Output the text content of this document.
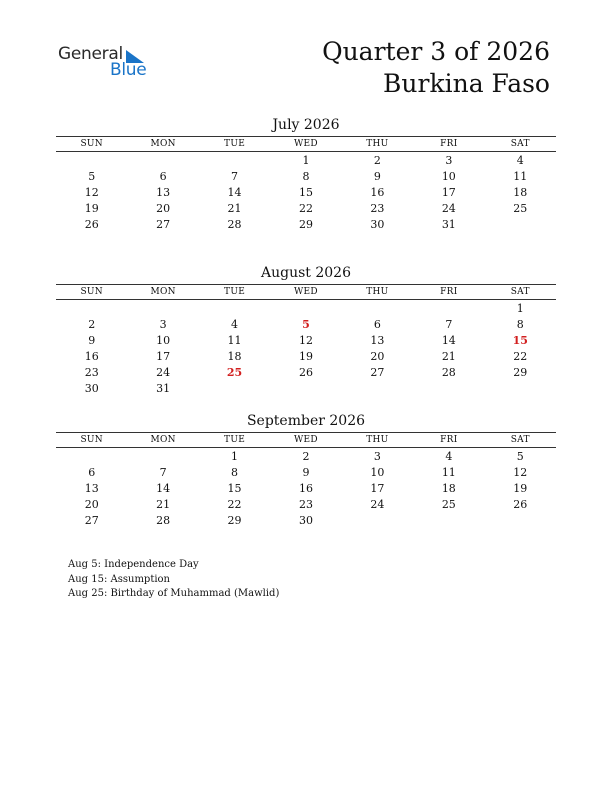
General
Blue
Quarter 3 of 2026
Burkina Faso
July 2026
SUN	MON	TUE	WED	THU	FRI	SAT
			1	2	3	4
5	6	7	8	9	10	11
12	13	14	15	16	17	18
19	20	21	22	23	24	25
26	27	28	29	30	31	
August 2026
SUN	MON	TUE	WED	THU	FRI	SAT
						1
2	3	4	5	6	7	8
9	10	11	12	13	14	15
16	17	18	19	20	21	22
23	24	25	26	27	28	29
30	31					
September 2026
SUN	MON	TUE	WED	THU	FRI	SAT
		1	2	3	4	5
6	7	8	9	10	11	12
13	14	15	16	17	18	19
20	21	22	23	24	25	26
27	28	29	30			
Aug 5: Independence Day
Aug 15: Assumption
Aug 25: Birthday of Muhammad (Mawlid)
